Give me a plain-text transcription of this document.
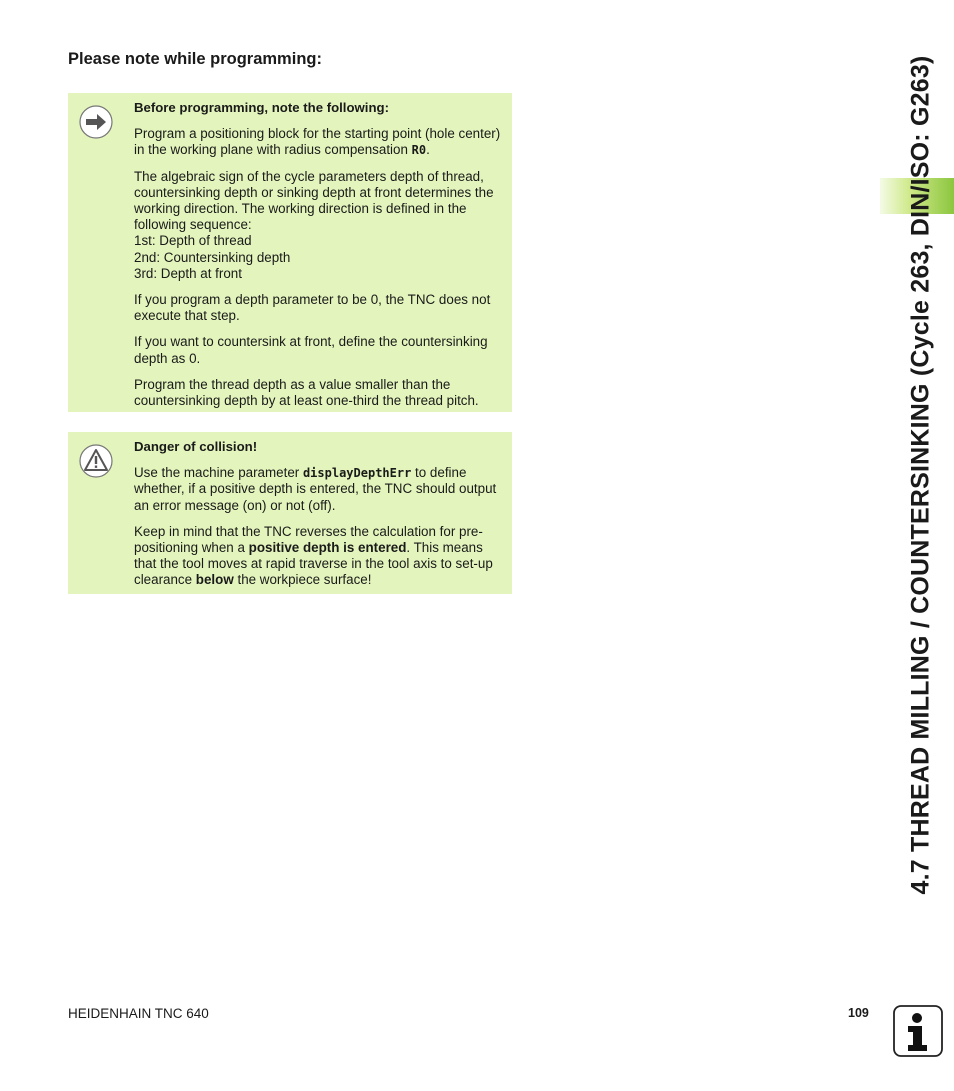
Please note while programming:
Before programming, note the following:

Program a positioning block for the starting point (hole center) in the working plane with radius compensation R0.

The algebraic sign of the cycle parameters depth of thread, countersinking depth or sinking depth at front determines the working direction. The working direction is defined in the following sequence:
1st: Depth of thread
2nd: Countersinking depth
3rd: Depth at front

If you program a depth parameter to be 0, the TNC does not execute that step.

If you want to countersink at front, define the countersinking depth as 0.

Program the thread depth as a value smaller than the countersinking depth by at least one-third the thread pitch.

Danger of collision!

Use the machine parameter displayDepthErr to define whether, if a positive depth is entered, the TNC should output an error message (on) or not (off).

Keep in mind that the TNC reverses the calculation for pre-positioning when a positive depth is entered. This means that the tool moves at rapid traverse in the tool axis to set-up clearance below the workpiece surface!	4.7 THREAD MILLING / COUNTERSINKING (Cycle 263, DIN/ISO: G263)
HEIDENHAIN TNC 640	109
